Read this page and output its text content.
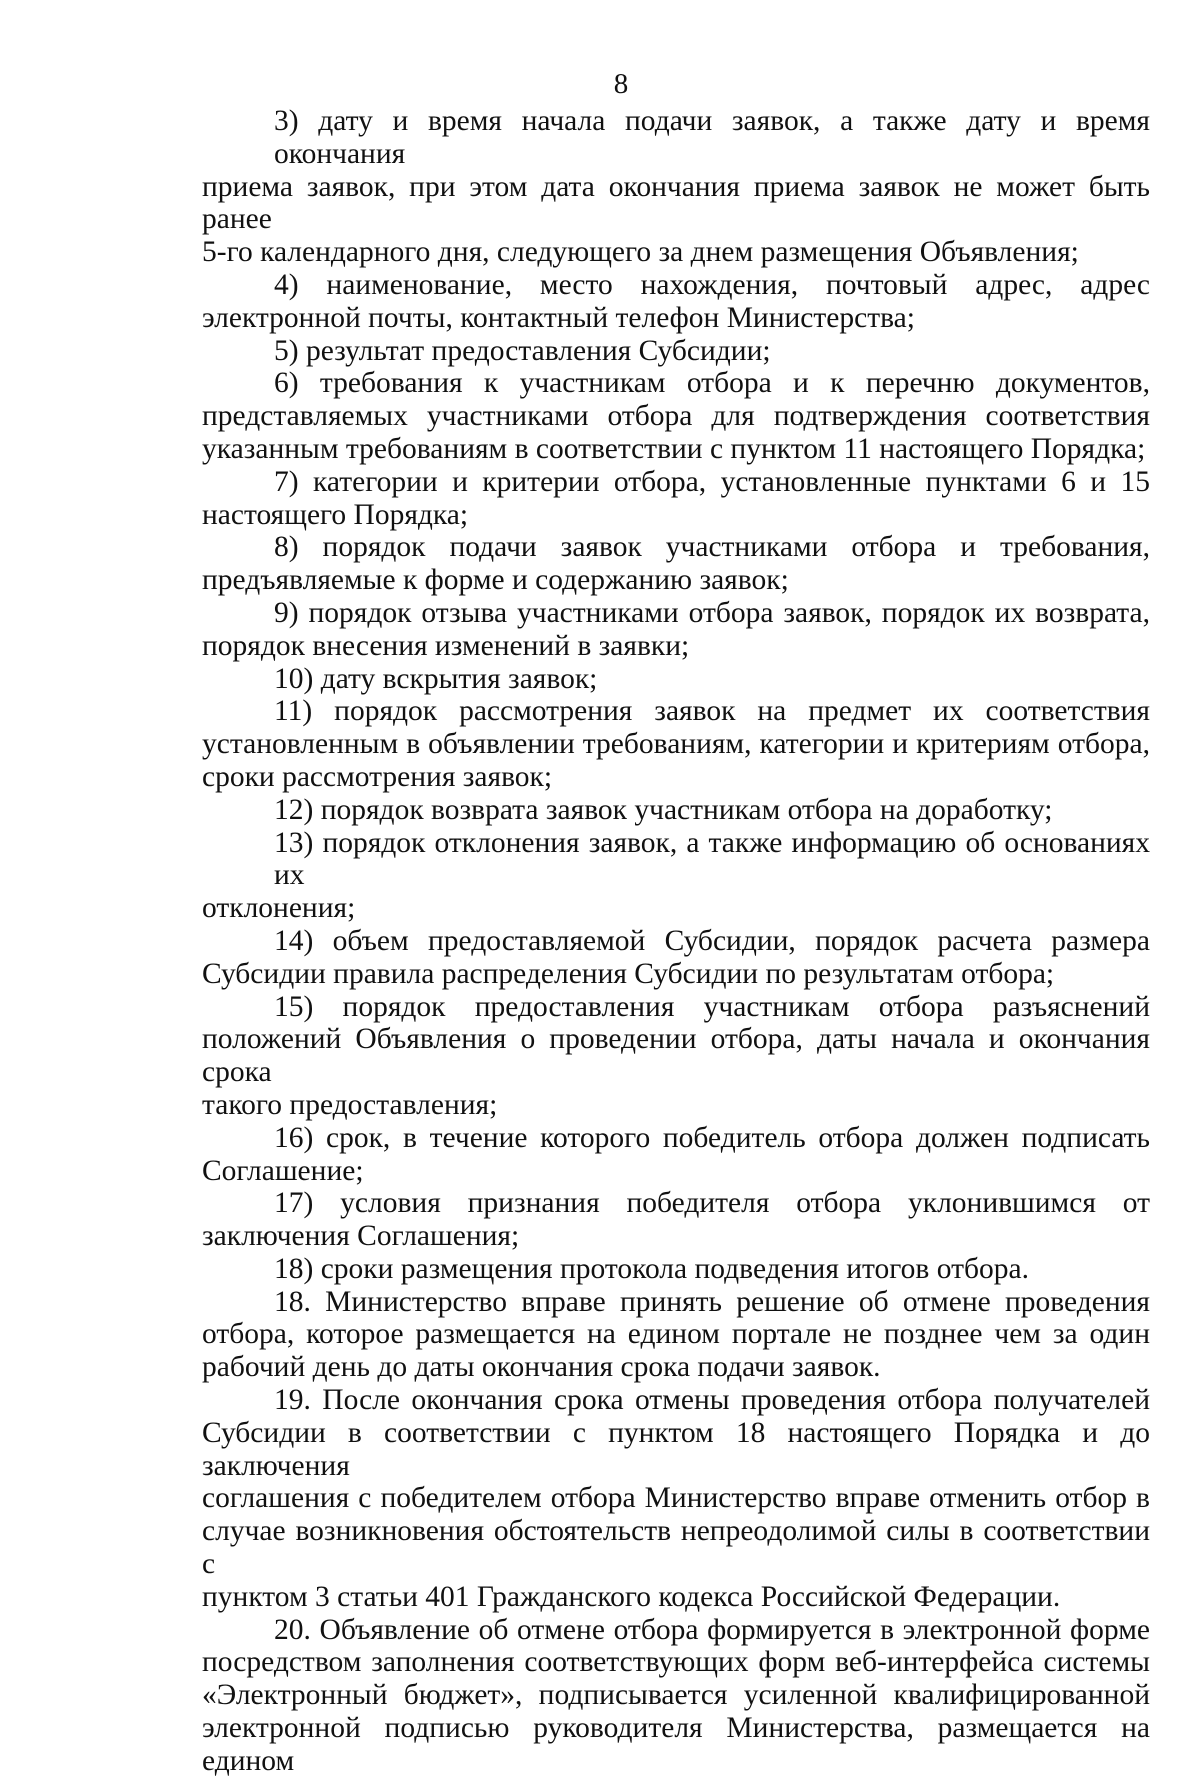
8
3) дату и время начала подачи заявок, а также дату и время окончания
приема заявок, при этом дата окончания приема заявок не может быть ранее
5-го календарного дня, следующего за днем размещения Объявления;
4) наименование, место нахождения, почтовый адрес, адрес
электронной почты, контактный телефон Министерства;
5) результат предоставления Субсидии;
6) требования к участникам отбора и к перечню документов,
представляемых участниками отбора для подтверждения соответствия
указанным требованиям в соответствии с пунктом 11 настоящего Порядка;
7) категории и критерии отбора, установленные пунктами 6 и 15
настоящего Порядка;
8) порядок подачи заявок участниками отбора и требования,
предъявляемые к форме и содержанию заявок;
9) порядок отзыва участниками отбора заявок, порядок их возврата,
порядок внесения изменений в заявки;
10) дату вскрытия заявок;
11) порядок рассмотрения заявок на предмет их соответствия
установленным в объявлении требованиям, категории и критериям отбора,
сроки рассмотрения заявок;
12) порядок возврата заявок участникам отбора на доработку;
13) порядок отклонения заявок, а также информацию об основаниях их
отклонения;
14) объем предоставляемой Субсидии, порядок расчета размера
Субсидии правила распределения Субсидии по результатам отбора;
15) порядок предоставления участникам отбора разъяснений
положений Объявления о проведении отбора, даты начала и окончания срока
такого предоставления;
16) срок, в течение которого победитель отбора должен подписать
Соглашение;
17) условия признания победителя отбора уклонившимся от
заключения Соглашения;
18) сроки размещения протокола подведения итогов отбора.
18. Министерство вправе принять решение об отмене проведения
отбора, которое размещается на едином портале не позднее чем за один
рабочий день до даты окончания срока подачи заявок.
19. После окончания срока отмены проведения отбора получателей
Субсидии в соответствии с пунктом 18 настоящего Порядка и до заключения
соглашения с победителем отбора Министерство вправе отменить отбор в
случае возникновения обстоятельств непреодолимой силы в соответствии с
пунктом 3 статьи 401 Гражданского кодекса Российской Федерации.
20. Объявление об отмене отбора формируется в электронной форме
посредством заполнения соответствующих форм веб-интерфейса системы
«Электронный бюджет», подписывается усиленной квалифицированной
электронной подписью руководителя Министерства, размещается на едином
